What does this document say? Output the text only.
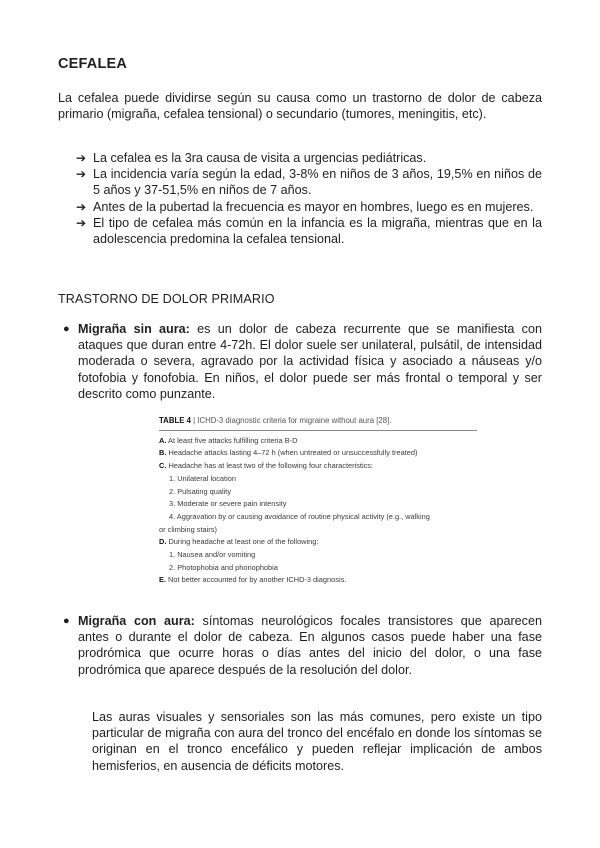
CEFALEA
La cefalea puede dividirse según su causa como un trastorno de dolor de cabeza primario (migraña, cefalea tensional) o secundario (tumores, meningitis, etc).
➔ La cefalea es la 3ra causa de visita a urgencias pediátricas.
➔ La incidencia varía según la edad, 3-8% en niños de 3 años, 19,5% en niños de 5 años y 37-51,5% en niños de 7 años.
➔ Antes de la pubertad la frecuencia es mayor en hombres, luego es en mujeres.
➔ El tipo de cefalea más común en la infancia es la migraña, mientras que en la adolescencia predomina la cefalea tensional.
TRASTORNO DE DOLOR PRIMARIO
● Migraña sin aura: es un dolor de cabeza recurrente que se manifiesta con ataques que duran entre 4-72h. El dolor suele ser unilateral, pulsátil, de intensidad moderada o severa, agravado por la actividad física y asociado a náuseas y/o fotofobia y fonofobia. En niños, el dolor puede ser más frontal o temporal y ser descrito como punzante.
TABLE 4 | ICHD-3 diagnostic criteria for migraine without aura [28].
A. At least five attacks fulfilling criteria B-D
B. Headache attacks lasting 4–72 h (when untreated or unsuccessfully treated)
C. Headache has at least two of the following four characteristics:
1. Unilateral location
2. Pulsating quality
3. Moderate or severe pain intensity
4. Aggravation by or causing avoidance of routine physical activity (e.g., walking
or climbing stairs)
D. During headache at least one of the following:
1. Nausea and/or vomiting
2. Photophobia and phonophobia
E. Not better accounted for by another ICHD-3 diagnosis.
● Migraña con aura: síntomas neurológicos focales transistores que aparecen antes o durante el dolor de cabeza. En algunos casos puede haber una fase prodrómica que ocurre horas o días antes del inicio del dolor, o una fase prodrómica que aparece después de la resolución del dolor.
Las auras visuales y sensoriales son las más comunes, pero existe un tipo particular de migraña con aura del tronco del encéfalo en donde los síntomas se originan en el tronco encefálico y pueden reflejar implicación de ambos hemisferios, en ausencia de déficits motores.
